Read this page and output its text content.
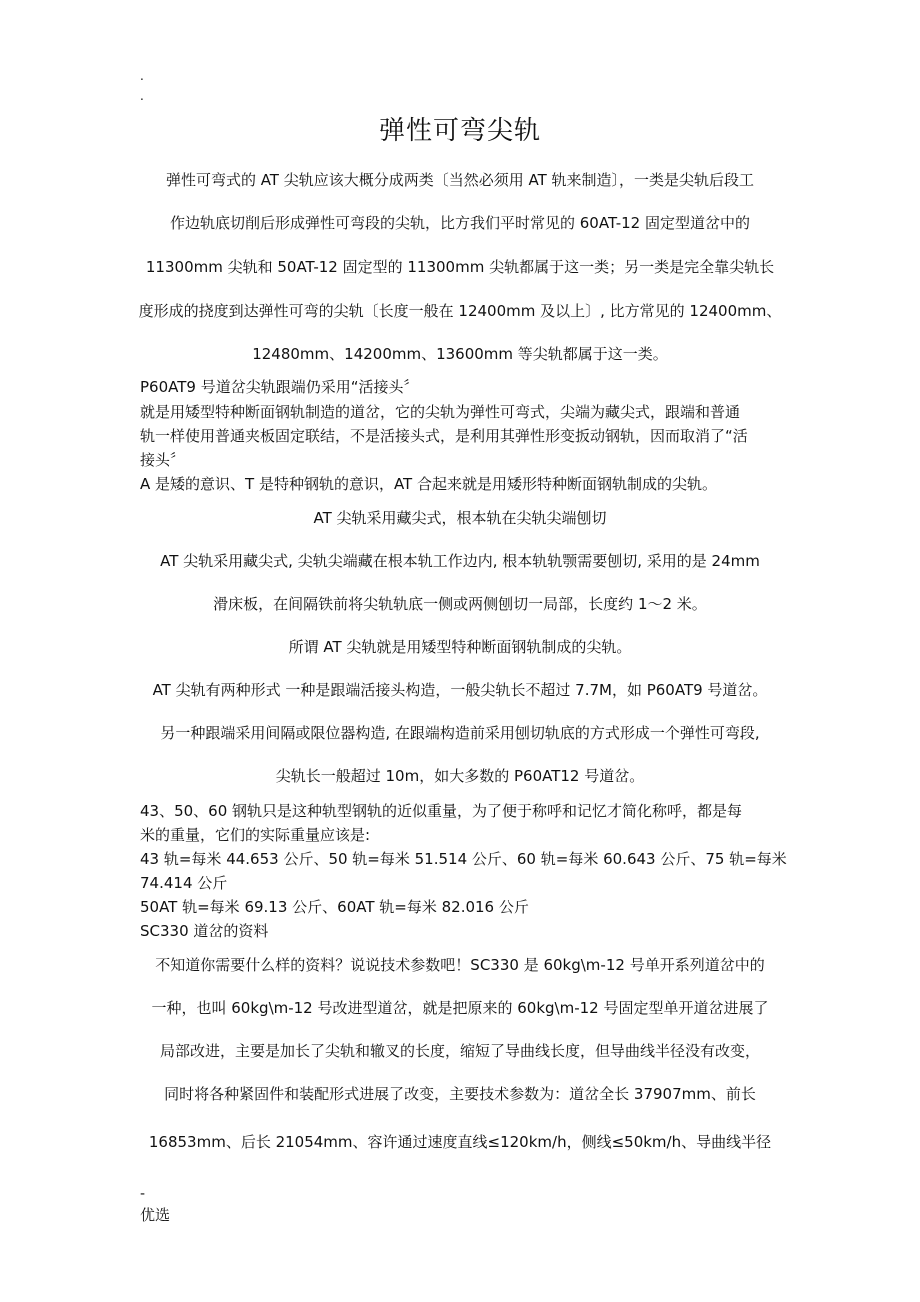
.
.
弹性可弯尖轨

弹性可弯式的 AT 尖轨应该大概分成两类〔当然必须用 AT 轨来制造〕，一类是尖轨后段工

作边轨底切削后形成弹性可弯段的尖轨，比方我们平时常见的 60AT-12 固定型道岔中的

11300mm 尖轨和 50AT-12 固定型的 11300mm 尖轨都属于这一类；另一类是完全靠尖轨长

度形成的挠度到达弹性可弯的尖轨〔长度一般在 12400mm 及以上〕, 比方常见的 12400mm、

12480mm、14200mm、13600mm 等尖轨都属于这一类。

P60AT9 号道岔尖轨跟端仍采用“活接头〞

就是用矮型特种断面钢轨制造的道岔，它的尖轨为弹性可弯式，尖端为藏尖式，跟端和普通

轨一样使用普通夹板固定联结，不是活接头式，是利用其弹性形变扳动钢轨，因而取消了“活

接头〞

A 是矮的意识、T 是特种钢轨的意识，AT 合起来就是用矮形特种断面钢轨制成的尖轨。

AT 尖轨采用藏尖式，根本轨在尖轨尖端刨切

AT 尖轨采用藏尖式, 尖轨尖端藏在根本轨工作边内, 根本轨轨颚需要刨切, 采用的是 24mm

滑床板，在间隔铁前将尖轨轨底一侧或两侧刨切一局部，长度约 1～2 米。

所谓 AT 尖轨就是用矮型特种断面钢轨制成的尖轨。

AT 尖轨有两种形式 一种是跟端活接头构造，一般尖轨长不超过 7.7M，如 P60AT9 号道岔。

另一种跟端采用间隔或限位器构造, 在跟端构造前采用刨切轨底的方式形成一个弹性可弯段,

尖轨长一般超过 10m，如大多数的 P60AT12 号道岔。

43、50、60 钢轨只是这种轨型钢轨的近似重量，为了便于称呼和记忆才简化称呼，都是每

米的重量，它们的实际重量应该是:

43 轨=每米 44.653 公斤、50 轨=每米 51.514 公斤、60 轨=每米 60.643 公斤、75 轨=每米

74.414 公斤

50AT 轨=每米 69.13 公斤、60AT 轨=每米 82.016 公斤

SC330 道岔的资料

不知道你需要什么样的资料？说说技术参数吧！SC330 是 60kg\m-12 号单开系列道岔中的

一种，也叫 60kg\m-12 号改进型道岔，就是把原来的 60kg\m-12 号固定型单开道岔进展了

局部改进，主要是加长了尖轨和辙叉的长度，缩短了导曲线长度，但导曲线半径没有改变，

同时将各种紧固件和装配形式进展了改变，主要技术参数为：道岔全长 37907mm、前长

16853mm、后长 21054mm、容许通过速度直线≤120km/h，侧线≤50km/h、导曲线半径

-
优选
